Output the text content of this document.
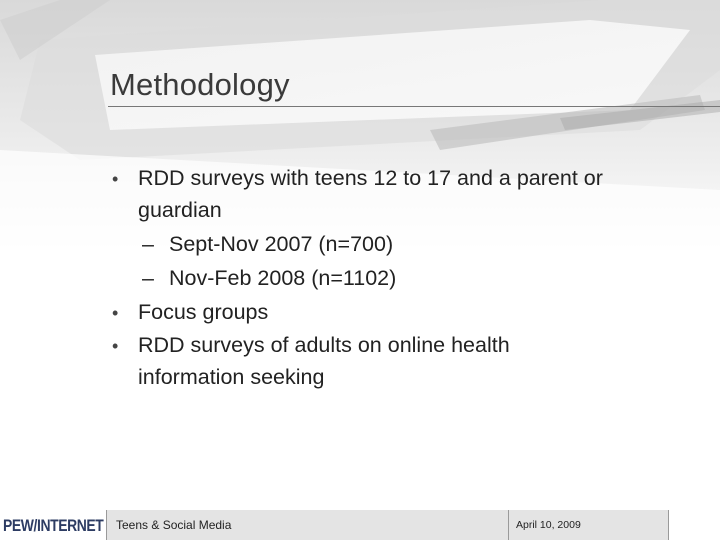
Methodology
• RDD surveys with teens 12 to 17 and a parent or
guardian
– Sept-Nov 2007 (n=700)
– Nov-Feb 2008 (n=1102)
• Focus groups
• RDD surveys of adults on online health
information seeking
PEW/INTERNET Teens & Social Media	April 10, 2009
